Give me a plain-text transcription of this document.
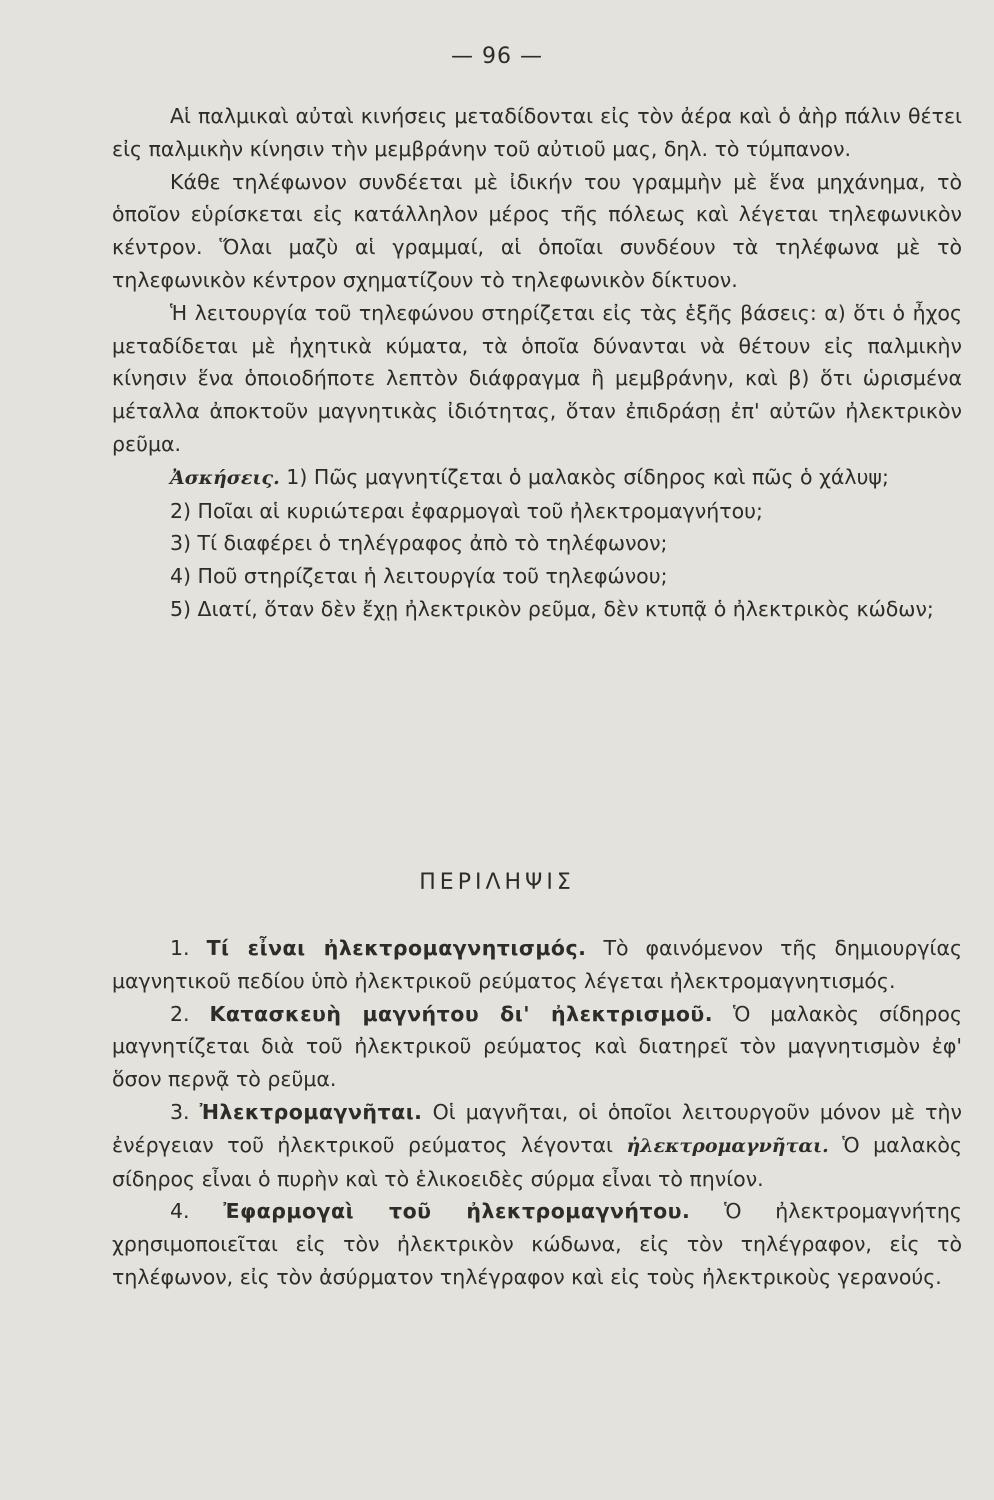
— 96 —

Αἱ παλμικαὶ αὐταὶ κινήσεις μεταδίδονται εἰς τὸν ἀέρα καὶ ὁ ἀὴρ πάλιν θέτει εἰς παλμικὴν κίνησιν τὴν μεμβράνην τοῦ αὐτιοῦ μας, δηλ. τὸ τύμπανον.

Κάθε τηλέφωνον συνδέεται μὲ ἰδικήν του γραμμὴν μὲ ἕνα μηχάνημα, τὸ ὁποῖον εὑρίσκεται εἰς κατάλληλον μέρος τῆς πόλεως καὶ λέγεται τηλεφωνικὸν κέντρον. Ὅλαι μαζὺ αἱ γραμμαί, αἱ ὁποῖαι συνδέουν τὰ τηλέφωνα μὲ τὸ τηλεφωνικὸν κέντρον σχηματίζουν τὸ τηλεφωνικὸν δίκτυον.

Ἡ λειτουργία τοῦ τηλεφώνου στηρίζεται εἰς τὰς ἑξῆς βάσεις: α) ὅτι ὁ ἦχος μεταδίδεται μὲ ἠχητικὰ κύματα, τὰ ὁποῖα δύνανται νὰ θέτουν εἰς παλμικὴν κίνησιν ἕνα ὁποιοδήποτε λεπτὸν διάφραγμα ἢ μεμβράνην, καὶ β) ὅτι ὡρισμένα μέταλλα ἀποκτοῦν μαγνητικὰς ἰδιότητας, ὅταν ἐπιδράσῃ ἐπ' αὐτῶν ἠλεκτρικὸν ρεῦμα.

Ἀσκήσεις. 1) Πῶς μαγνητίζεται ὁ μαλακὸς σίδηρος καὶ πῶς ὁ χάλυψ;

2) Ποῖαι αἱ κυριώτεραι ἐφαρμογαὶ τοῦ ἠλεκτρομαγνήτου;

3) Τί διαφέρει ὁ τηλέγραφος ἀπὸ τὸ τηλέφωνον;

4) Ποῦ στηρίζεται ἡ λειτουργία τοῦ τηλεφώνου;

5) Διατί, ὅταν δὲν ἔχῃ ἠλεκτρικὸν ρεῦμα, δὲν κτυπᾷ ὁ ἠλεκτρικὸς κώδων;

ΠΕΡΙΛΗΨΙΣ

1. Τί εἶναι ἠλεκτρομαγνητισμός. Τὸ φαινόμενον τῆς δημιουργίας μαγνητικοῦ πεδίου ὑπὸ ἠλεκτρικοῦ ρεύματος λέγεται ἠλεκτρομαγνητισμός.

2. Κατασκευὴ μαγνήτου δι' ἠλεκτρισμοῦ. Ὁ μαλακὸς σίδηρος μαγνητίζεται διὰ τοῦ ἠλεκτρικοῦ ρεύματος καὶ διατηρεῖ τὸν μαγνητισμὸν ἐφ' ὅσον περνᾷ τὸ ρεῦμα.

3. Ἠλεκτρομαγνῆται. Οἱ μαγνῆται, οἱ ὁποῖοι λειτουργοῦν μόνον μὲ τὴν ἐνέργειαν τοῦ ἠλεκτρικοῦ ρεύματος λέγονται ἠλεκτρομαγνῆται. Ὁ μαλακὸς σίδηρος εἶναι ὁ πυρὴν καὶ τὸ ἑλικοειδὲς σύρμα εἶναι τὸ πηνίον.

4. Ἐφαρμογαὶ τοῦ ἠλεκτρομαγνήτου. Ὁ ἠλεκτρομαγνήτης χρησιμοποιεῖται εἰς τὸν ἠλεκτρικὸν κώδωνα, εἰς τὸν τηλέγραφον, εἰς τὸ τηλέφωνον, εἰς τὸν ἀσύρματον τηλέγραφον καὶ εἰς τοὺς ἠλεκτρικοὺς γερανούς.
